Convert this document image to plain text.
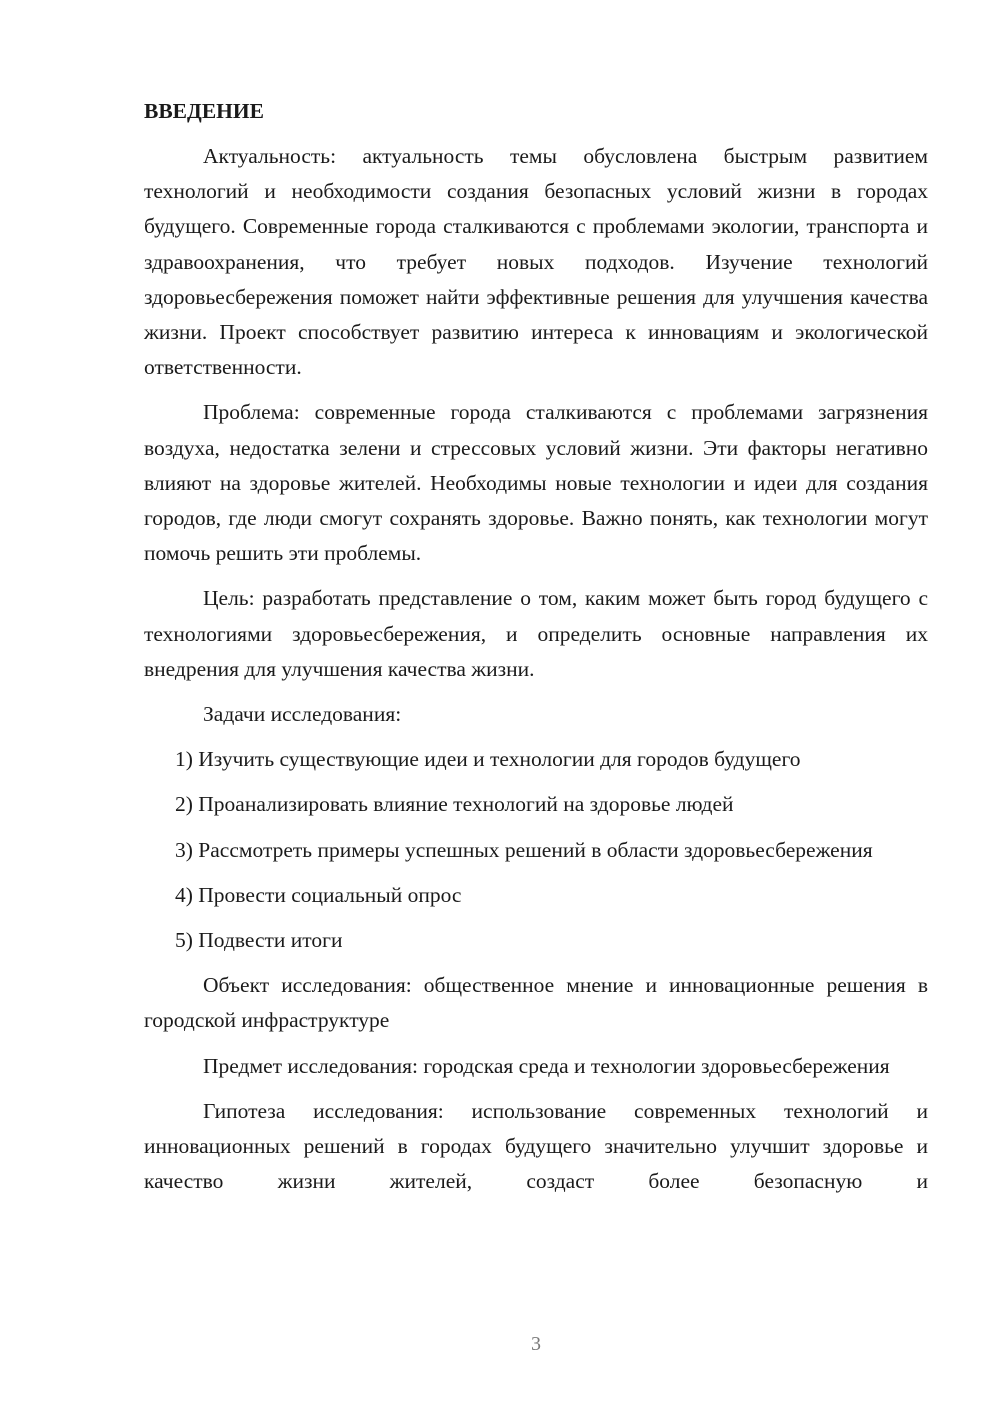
ВВЕДЕНИЕ

Актуальность: актуальность темы обусловлена быстрым развитием технологий и необходимости создания безопасных условий жизни в городах будущего. Современные города сталкиваются с проблемами экологии, транспорта и здравоохранения, что требует новых подходов. Изучение технологий здоровьесбережения поможет найти эффективные решения для улучшения качества жизни. Проект способствует развитию интереса к инновациям и экологической ответственности.

Проблема: современные города сталкиваются с проблемами загрязнения воздуха, недостатка зелени и стрессовых условий жизни. Эти факторы негативно влияют на здоровье жителей. Необходимы новые технологии и идеи для создания городов, где люди смогут сохранять здоровье. Важно понять, как технологии могут помочь решить эти проблемы.

Цель: разработать представление о том, каким может быть город будущего с технологиями здоровьесбережения, и определить основные направления их внедрения для улучшения качества жизни.

Задачи исследования:

1) Изучить существующие идеи и технологии для городов будущего

2) Проанализировать влияние технологий на здоровье людей

3) Рассмотреть примеры успешных решений в области здоровьесбережения

4) Провести социальный опрос

5) Подвести итоги

Объект исследования: общественное мнение и инновационные решения в городской инфраструктуре

Предмет исследования: городская среда и технологии здоровьесбережения

Гипотеза исследования: использование современных технологий и инновационных решений в городах будущего значительно улучшит здоровье и качество жизни жителей, создаст более безопасную и

3
